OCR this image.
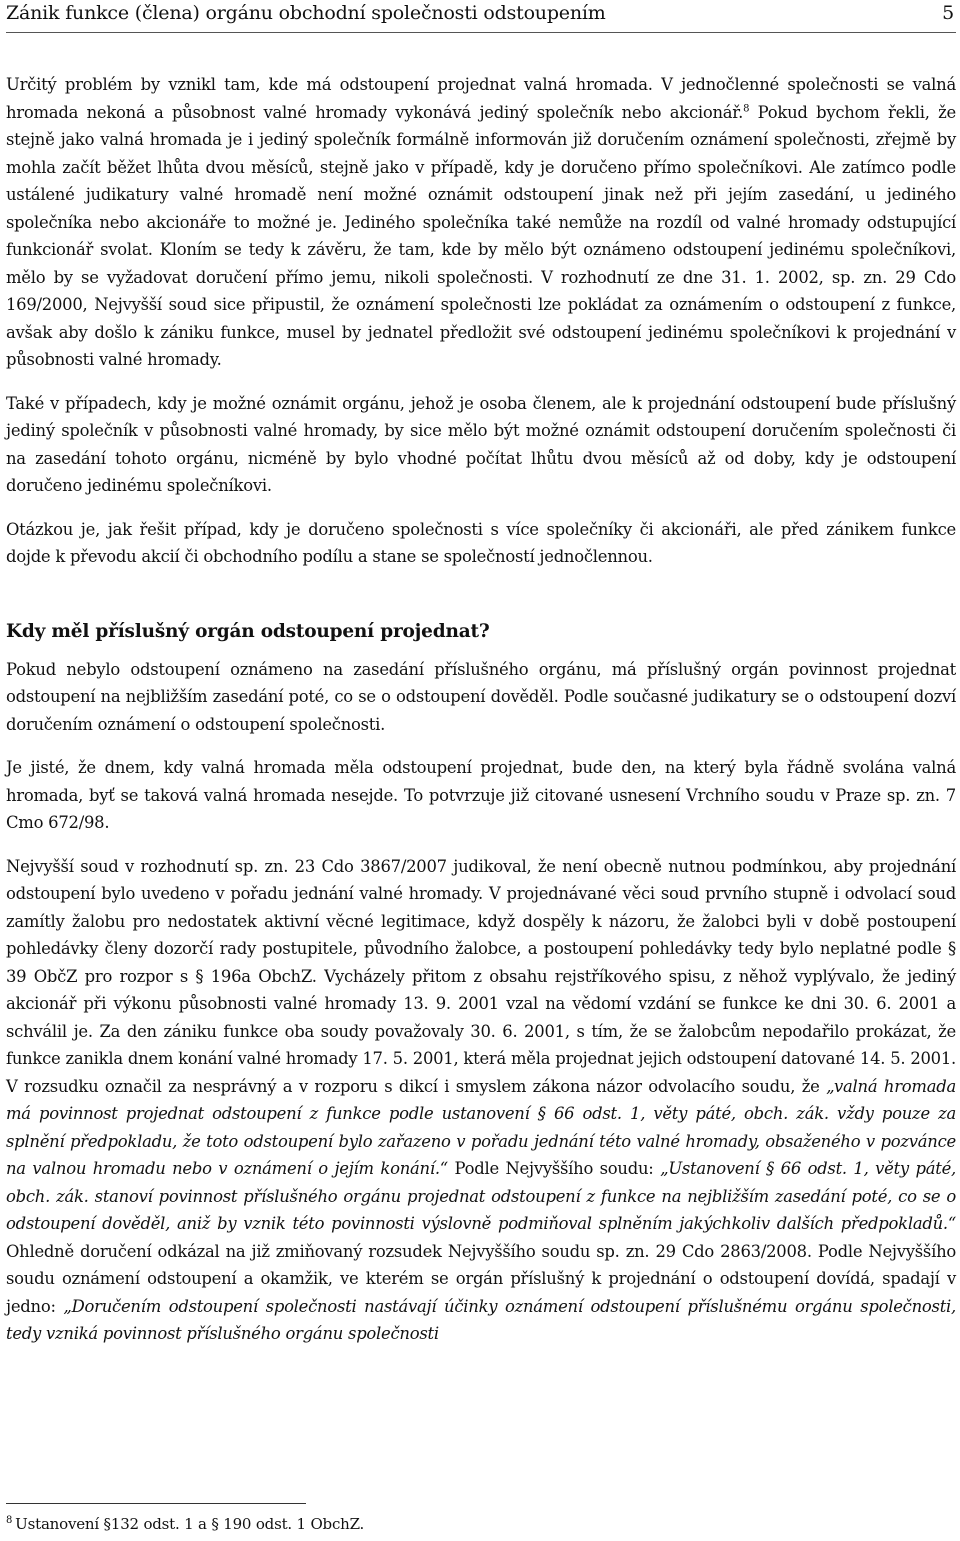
Zánik funkce (člena) orgánu obchodní společnosti odstoupením	5

Určitý problém by vznikl tam, kde má odstoupení projednat valná hromada. V jednočlenné společnosti se valná hromada nekoná a působnost valné hromady vykonává jediný společník nebo akcionář.$^8$ Pokud bychom řekli, že stejně jako valná hromada je i jediný společník formálně informován již doručením oznámení společnosti, zřejmě by mohla začít běžet lhůta dvou měsíců, stejně jako v případě, kdy je doručeno přímo společníkovi. Ale zatímco podle ustálené judikatury valné hromadě není možné oznámit odstoupení jinak než při jejím zasedání, u jediného společníka nebo akcionáře to možné je. Jediného společníka také nemůže na rozdíl od valné hromady odstupující funkcionář svolat. Kloním se tedy k závěru, že tam, kde by mělo být oznámeno odstoupení jedinému společníkovi, mělo by se vyžadovat doručení přímo jemu, nikoli společnosti. V rozhodnutí ze dne 31. 1. 2002, sp. zn. 29 Cdo 169/2000, Nejvyšší soud sice připustil, že oznámení společnosti lze pokládat za oznámením o odstoupení z funkce, avšak aby došlo k zániku funkce, musel by jednatel předložit své odstoupení jedinému společníkovi k projednání v působnosti valné hromady.

Také v případech, kdy je možné oznámit orgánu, jehož je osoba členem, ale k projednání odstoupení bude příslušný jediný společník v působnosti valné hromady, by sice mělo být možné oznámit odstoupení doručením společnosti či na zasedání tohoto orgánu, nicméně by bylo vhodné počítat lhůtu dvou měsíců až od doby, kdy je odstoupení doručeno jedinému společníkovi.

Otázkou je, jak řešit případ, kdy je doručeno společnosti s více společníky či akcionáři, ale před zánikem funkce dojde k převodu akcií či obchodního podílu a stane se společností jednočlennou.

Kdy měl příslušný orgán odstoupení projednat?

Pokud nebylo odstoupení oznámeno na zasedání příslušného orgánu, má příslušný orgán povinnost projednat odstoupení na nejbližším zasedání poté, co se o odstoupení dověděl. Podle současné judikatury se o odstoupení dozví doručením oznámení o odstoupení společnosti.

Je jisté, že dnem, kdy valná hromada měla odstoupení projednat, bude den, na který byla řádně svolána valná hromada, byť se taková valná hromada nesejde. To potvrzuje již citované usnesení Vrchního soudu v Praze sp. zn. 7 Cmo 672/98.

Nejvyšší soud v rozhodnutí sp. zn. 23 Cdo 3867/2007 judikoval, že není obecně nutnou podmínkou, aby projednání odstoupení bylo uvedeno v pořadu jednání valné hromady. V projednávané věci soud prvního stupně i odvolací soud zamítly žalobu pro nedostatek aktivní věcné legitimace, když dospěly k názoru, že žalobci byli v době postoupení pohledávky členy dozorčí rady postupitele, původního žalobce, a postoupení pohledávky tedy bylo neplatné podle § 39 ObčZ pro rozpor s § 196a ObchZ. Vycházely přitom z obsahu rejstříkového spisu, z něhož vyplývalo, že jediný akcionář při výkonu působnosti valné hromady 13. 9. 2001 vzal na vědomí vzdání se funkce ke dni 30. 6. 2001 a schválil je. Za den zániku funkce oba soudy považovaly 30. 6. 2001, s tím, že se žalobcům nepodařilo prokázat, že funkce zanikla dnem konání valné hromady 17. 5. 2001, která měla projednat jejich odstoupení datované 14. 5. 2001. V rozsudku označil za nesprávný a v rozporu s dikcí i smyslem zákona názor odvolacího soudu, že „valná hromada má povinnost projednat odstoupení z funkce podle ustanovení § 66 odst. 1, věty páté, obch. zák. vždy pouze za splnění předpokladu, že toto odstoupení bylo zařazeno v pořadu jednání této valné hromady, obsaženého v pozvánce na valnou hromadu nebo v oznámení o jejím konání.“ Podle Nejvyššího soudu: „Ustanovení § 66 odst. 1, věty páté, obch. zák. stanoví povinnost příslušného orgánu projednat odstoupení z funkce na nejbližším zasedání poté, co se o odstoupení dověděl, aniž by vznik této povinnosti výslovně podmiňoval splněním jakýchkoliv dalších předpokladů.“ Ohledně doručení odkázal na již zmiňovaný rozsudek Nejvyššího soudu sp. zn. 29 Cdo 2863/2008. Podle Nejvyššího soudu oznámení odstoupení a okamžik, ve kterém se orgán příslušný k projednání o odstoupení dovídá, spadají v jedno: „Doručením odstoupení společnosti nastávají účinky oznámení odstoupení příslušnému orgánu společnosti, tedy vzniká povinnost příslušného orgánu společnosti

$^8$ Ustanovení §132 odst. 1 a § 190 odst. 1 ObchZ.
